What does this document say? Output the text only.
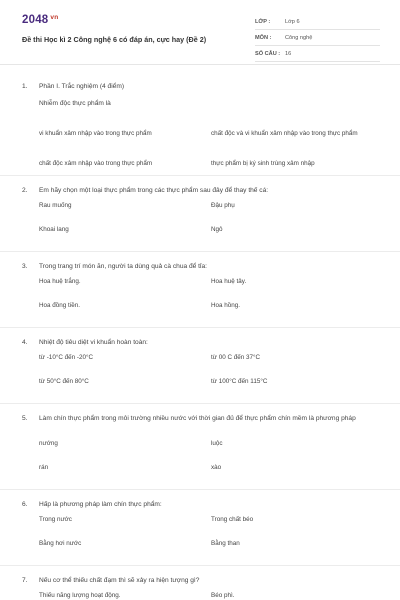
2048 $^{vn}$
Đề thi Học kì 2 Công nghệ 6 có đáp án, cực hay (Đề 2)
LỚP :	Lớp 6
MÔN :	Công nghệ
SỐ CÂU : 16
1.	Phần I. Trắc nghiệm (4 điểm)
Nhiễm độc thực phẩm là
vi khuẩn xâm nhập vào trong thực phẩm	chất độc và vi khuẩn xâm nhập vào trong thực phẩm
chất độc xâm nhập vào trong thực phẩm	thực phẩm bị ký sinh trùng xâm nhập
2.	Em hãy chọn một loại thực phẩm trong các thực phẩm sau đây để thay thế cá:
Rau muống	Đậu phụ
Khoai lang	Ngô
3.	Trong trang trí món ăn, người ta dùng quả cà chua để tỉa:
Hoa huệ trắng.	Hoa huệ tây.
Hoa đồng tiền.	Hoa hồng.
4.	Nhiệt độ tiêu diệt vi khuẩn hoàn toàn:
từ -10°C đến -20°C	từ 00 C đến 37°C
từ 50°C đến 80°C	từ 100°C đến 115°C
5.	Làm chín thực phẩm trong môi trường nhiều nước với thời gian đủ để thực phẩm chín mềm là phương pháp
nướng	luộc
rán	xào
6.	Hấp là phương pháp làm chín thực phẩm:
Trong nước	Trong chất béo
Bằng hơi nước	Bằng than
7.	Nếu cơ thể thiếu chất đạm thì sẽ xảy ra hiện tượng gì?
Thiếu năng lượng hoạt động.	Béo phì.
